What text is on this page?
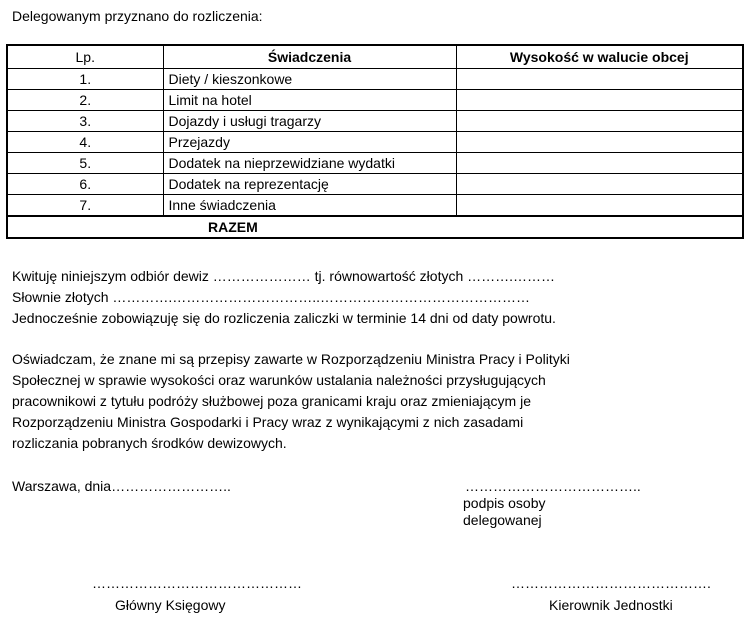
Delegowanym przyznano do rozliczenia:
Lp.	Świadczenia	Wysokość w walucie obcej
1.	Diety / kieszonkowe	
2.	Limit na hotel	
3.	Dojazdy i usługi tragarzy	
4.	Przejazdy	
5.	Dodatek na nieprzewidziane wydatki	
6.	Dodatek na reprezentację	
7.	Inne świadczenia	
RAZEM		
Kwituję niniejszym odbiór dewiz ………………… tj. równowartość złotych ……….………
Słownie złotych ………….…………………………..………………………………………
Jednocześnie zobowiązuję się do rozliczenia zaliczki w terminie 14 dni od daty powrotu.
Oświadczam, że znane mi są przepisy zawarte w Rozporządzeniu Ministra Pracy i Polityki
Społecznej w sprawie wysokości oraz warunków ustalania należności przysługujących
pracownikowi z tytułu podróży służbowej poza granicami kraju oraz zmieniającym je
Rozporządzeniu Ministra Gospodarki i Pracy wraz z wynikającymi z nich zasadami
rozliczania pobranych środków dewizowych.
Warszawa, dnia……………………..	………………………………..
podpis osoby
delegowanej
………………………………………
Główny Księgowy
…………………………………….
Kierownik Jednostki
